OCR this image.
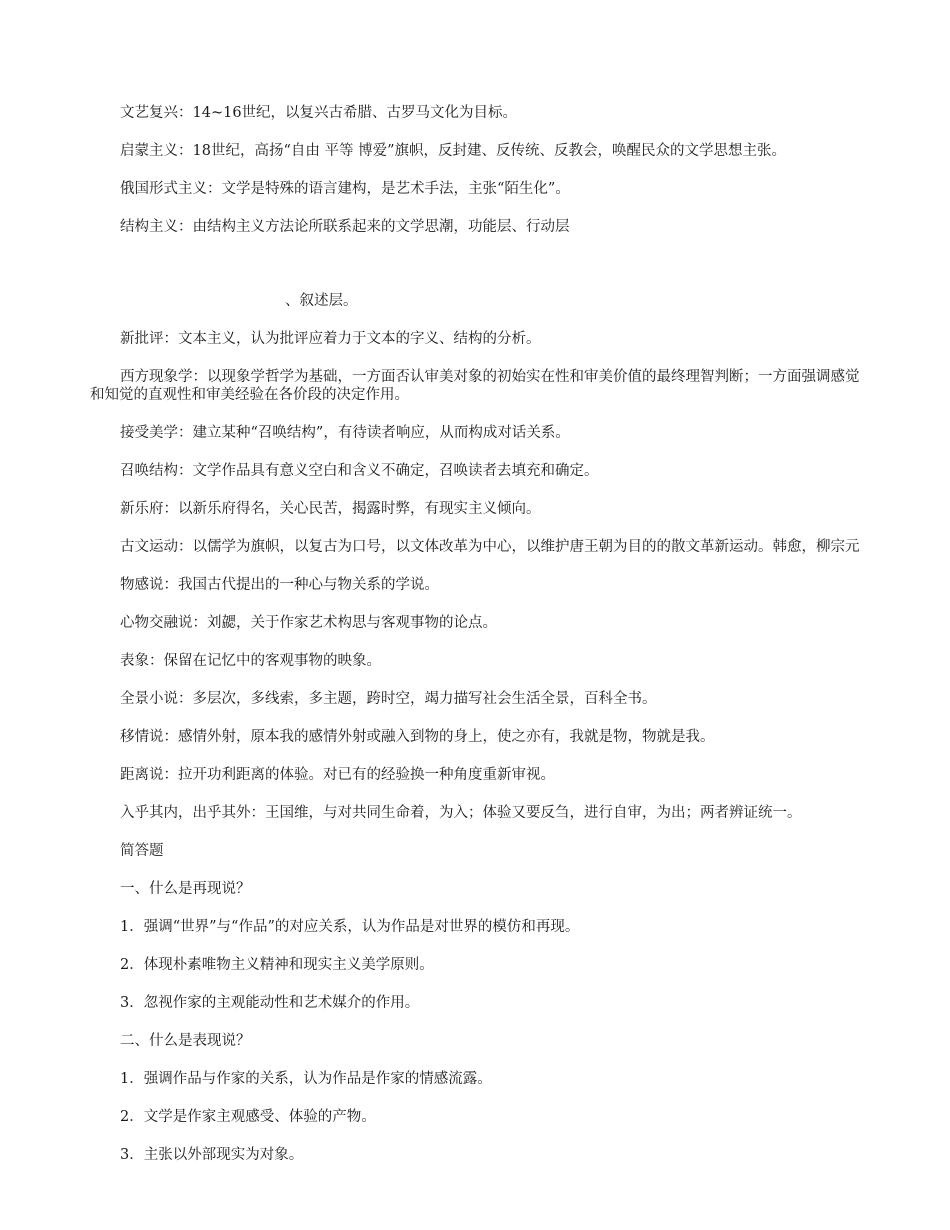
文艺复兴：14~16世纪，以复兴古希腊、古罗马文化为目标。

启蒙主义：18世纪，高扬“自由 平等 博爱”旗帜，反封建、反传统、反教会，唤醒民众的文学思想主张。

俄国形式主义：文学是特殊的语言建构，是艺术手法，主张“陌生化”。

结构主义：由结构主义方法论所联系起来的文学思潮，功能层、行动层

、叙述层。

新批评：文本主义，认为批评应着力于文本的字义、结构的分析。

西方现象学：以现象学哲学为基础，一方面否认审美对象的初始实在性和审美价值的最终理智判断；一方面强调感觉和知觉的直观性和审美经验在各价段的决定作用。

接受美学：建立某种“召唤结构”，有待读者响应，从而构成对话关系。

召唤结构：文学作品具有意义空白和含义不确定，召唤读者去填充和确定。

新乐府：以新乐府得名，关心民苦，揭露时弊，有现实主义倾向。

古文运动：以儒学为旗帜，以复古为口号，以文体改革为中心，以维护唐王朝为目的的散文革新运动。韩愈，柳宗元

物感说：我国古代提出的一种心与物关系的学说。

心物交融说：刘勰，关于作家艺术构思与客观事物的论点。

表象：保留在记忆中的客观事物的映象。

全景小说：多层次，多线索，多主题，跨时空，竭力描写社会生活全景，百科全书。

移情说：感情外射，原本我的感情外射或融入到物的身上，使之亦有，我就是物，物就是我。

距离说：拉开功利距离的体验。对已有的经验换一种角度重新审视。

入乎其内，出乎其外：王国维，与对共同生命着，为入；体验又要反刍，进行自审，为出；两者辨证统一。

简答题

一、什么是再现说？

1．强调“世界”与“作品”的对应关系，认为作品是对世界的模仿和再现。

2．体现朴素唯物主义精神和现实主义美学原则。

3．忽视作家的主观能动性和艺术媒介的作用。

二、什么是表现说？

1．强调作品与作家的关系，认为作品是作家的情感流露。

2．文学是作家主观感受、体验的产物。

3．主张以外部现实为对象。
